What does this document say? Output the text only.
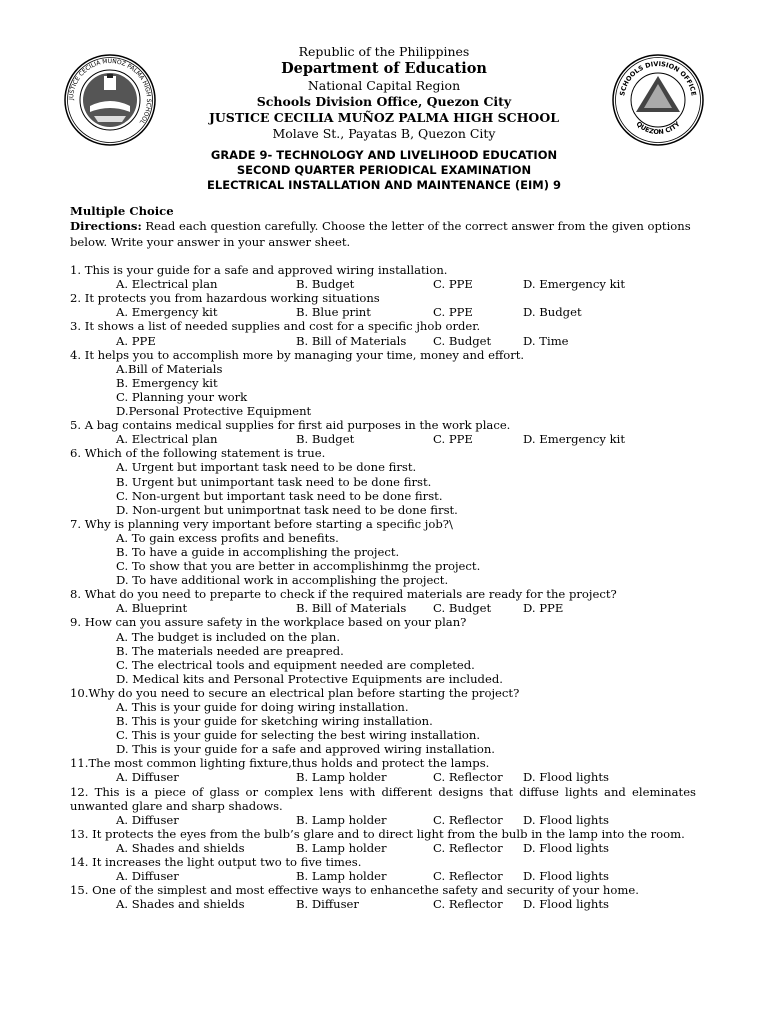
JUSTICE CECILIA MUÑOZ PALMA HIGH SCHOOL
SCHOOLS DIVISION OFFICE
QUEZON CITY
Republic of the Philippines
Department of Education
National Capital Region
Schools Division Office, Quezon City
JUSTICE CECILIA MUÑOZ PALMA HIGH SCHOOL
Molave St., Payatas B, Quezon City
GRADE 9- TECHNOLOGY AND LIVELIHOOD EDUCATION
SECOND QUARTER PERIODICAL EXAMINATION
ELECTRICAL INSTALLATION AND MAINTENANCE (EIM) 9
Multiple Choice
Directions: Read each question carefully. Choose the letter of the correct answer from the given options below. Write your answer in your answer sheet.
1. This is your guide for a safe and approved wiring installation.
A. Electrical plan	B. Budget	C. PPE	D. Emergency kit
2. It protects you from hazardous working situations
A. Emergency kit	B. Blue print	C. PPE	D. Budget
3. It shows a list of needed supplies and cost for a specific jhob order.
A. PPE	B. Bill of Materials C. Budget	D. Time
4. It helps you to accomplish more by managing your time, money and effort.
A.Bill of Materials
B. Emergency kit
C. Planning your work
D.Personal Protective Equipment
5. A bag contains medical supplies for first aid purposes in the work place.
A. Electrical plan	B. Budget	C. PPE	D. Emergency kit
6. Which of the following statement is true.
A. Urgent but important task need to be done first.
B. Urgent but unimportant task need to be done first.
C. Non-urgent but important task need to be done first.
D. Non-urgent but unimportnat task need to be done first.
7. Why is planning very important before starting a specific job?\
A. To gain excess profits and benefits.
B. To have a guide in accomplishing the project.
C. To show that you are better in accomplishinmg the project.
D. To have additional work in accomplishing the project.
8. What do you need to preparte to check if the required materials are ready for the project?
A. Blueprint	B. Bill of Materials C. Budget	D. PPE
9. How can you assure safety in the workplace based on your plan?
A. The budget is included on the plan.
B. The materials needed are preapred.
C. The electrical tools and equipment needed are completed.
D. Medical kits and Personal Protective Equipments are included.
10.Why do you need to secure an electrical plan before starting the project?
A. This is your guide for doing wiring installation.
B. This is your guide for sketching wiring installation.
C. This is your guide for selecting the best wiring installation.
D. This is your guide for a safe and approved wiring installation.
11.The most common lighting fixture,thus holds and protect the lamps.
A. Diffuser	B. Lamp holder	C. Reflector D. Flood lights
12. This is a piece of glass or complex lens with different designs that diffuse lights and eleminates unwanted glare and sharp shadows.
A. Diffuser	B. Lamp holder	C. Reflector D. Flood lights
13. It protects the eyes from the bulb’s glare and to direct light from the bulb in the lamp into the room.
A. Shades and shields	B. Lamp holder	C. Reflector D. Flood lights
14. It increases the light output two to five times.
A. Diffuser	B. Lamp holder	C. Reflector D. Flood lights
15. One of the simplest and most effective ways to enhancethe safety and security of your home.
A. Shades and shields	B. Diffuser	C. Reflector D. Flood lights
